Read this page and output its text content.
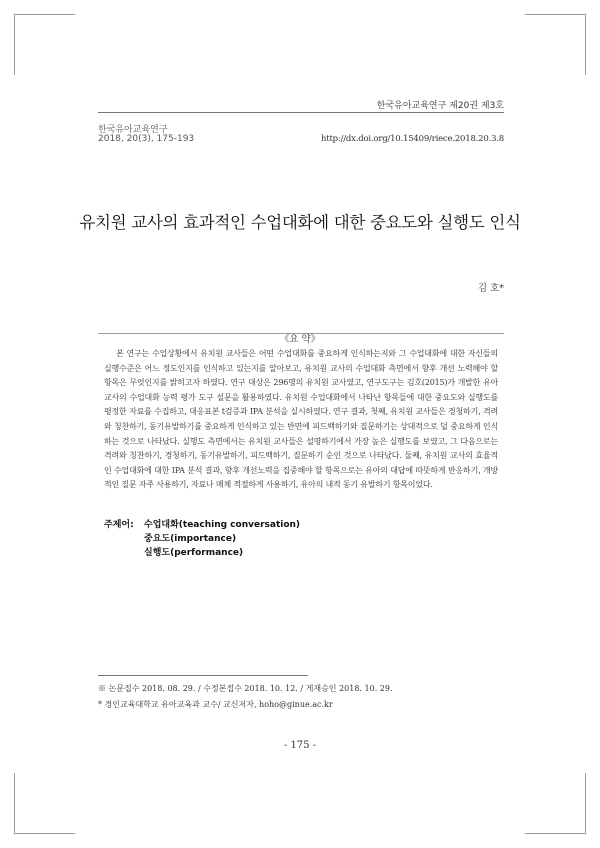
한국유아교육연구 제20권 제3호
한국유아교육연구
2018, 20(3), 175-193	http://dx.doi.org/10.15409/riece.2018.20.3.8
유치원 교사의 효과적인 수업대화에 대한 중요도와 실행도 인식
김 호*
《요 약》

본 연구는 수업상황에서 유치원 교사들은 어떤 수업대화를 중요하게 인식하는지와 그 수업대화에 대한 자신들의 실행수준은 어느 정도인지를 인식하고 있는지를 알아보고, 유치원 교사의 수업대화 측면에서 향후 개선 노력해야 할 항목은 무엇인지를 밝히고자 하였다. 연구 대상은 296명의 유치원 교사였고, 연구도구는 김호(2015)가 개발한 유아교사의 수업대화 능력 평가 도구 설문을 활용하였다. 유치원 수업대화에서 나타난 항목들에 대한 중요도와 실행도를 평정한 자료를 수집하고, 대응표본 t검증과 IPA 분석을 실시하였다. 연구 결과, 첫째, 유치원 교사들은 경청하기, 격려와 칭찬하기, 동기유발하기를 중요하게 인식하고 있는 반면에 피드백하기와 질문하기는 상대적으로 덜 중요하게 인식하는 것으로 나타났다. 실행도 측면에서는 유치원 교사들은 설명하기에서 가장 높은 실행도를 보였고, 그 다음으로는 격려와 칭찬하기, 경청하기, 동기유발하기, 피드백하기, 질문하기 순인 것으로 나타났다. 둘째, 유치원 교사의 효율적인 수업대화에 대한 IPA 분석 결과, 향후 개선노력을 집중해야 할 항목으로는 유아의 대답에 따뜻하게 반응하기, 개방적인 질문 자주 사용하기, 자료나 매체 적절하게 사용하기, 유아의 내적 동기 유발하기 항목이었다.

주제어: 수업대화(teaching conversation)
중요도(importance)
실행도(performance)
※ 논문접수 2018. 08. 29. / 수정본접수 2018. 10. 12. / 게재승인 2018. 10. 29.
* 경인교육대학교 유아교육과 교수/ 교신저자, hoho@ginue.ac.kr
- 175 -
